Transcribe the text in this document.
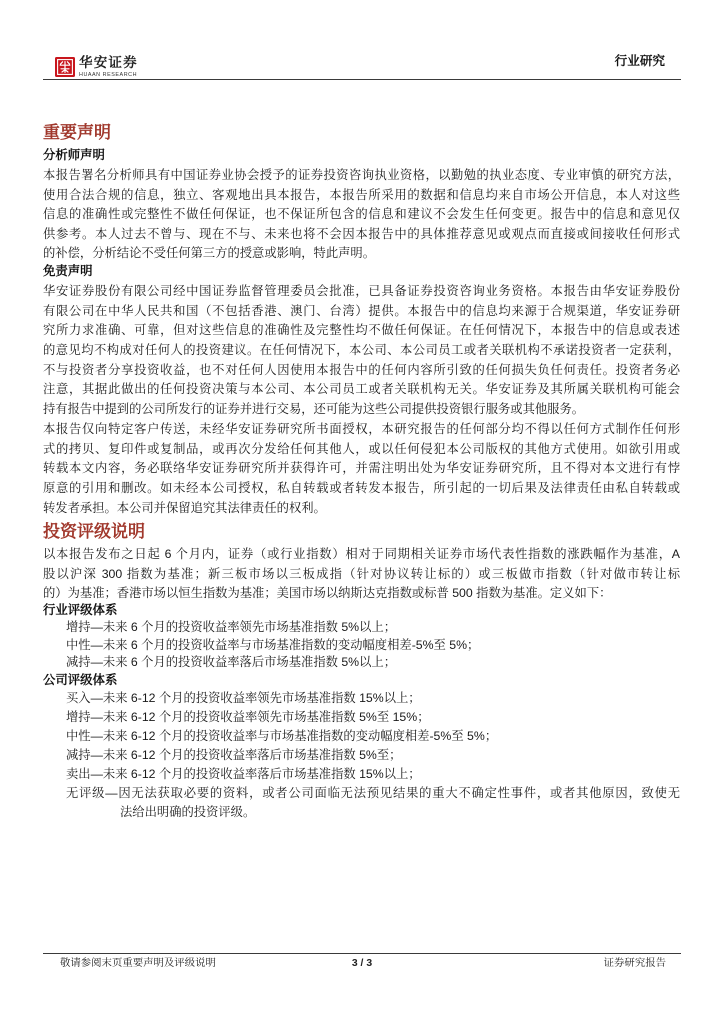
华安证券
HUAAN RESEARCH
行业研究
重要声明
分析师声明
本报告署名分析师具有中国证券业协会授予的证券投资咨询执业资格，以勤勉的执业态度、专业审慎的研究方法，
使用合法合规的信息，独立、客观地出具本报告，本报告所采用的数据和信息均来自市场公开信息，本人对这些
信息的准确性或完整性不做任何保证，也不保证所包含的信息和建议不会发生任何变更。报告中的信息和意见仅
供参考。本人过去不曾与、现在不与、未来也将不会因本报告中的具体推荐意见或观点而直接或间接收任何形式
的补偿，分析结论不受任何第三方的授意或影响，特此声明。
免责声明
华安证券股份有限公司经中国证券监督管理委员会批准，已具备证券投资咨询业务资格。本报告由华安证券股份
有限公司在中华人民共和国（不包括香港、澳门、台湾）提供。本报告中的信息均来源于合规渠道，华安证券研
究所力求准确、可靠，但对这些信息的准确性及完整性均不做任何保证。在任何情况下，本报告中的信息或表述
的意见均不构成对任何人的投资建议。在任何情况下，本公司、本公司员工或者关联机构不承诺投资者一定获利，
不与投资者分享投资收益，也不对任何人因使用本报告中的任何内容所引致的任何损失负任何责任。投资者务必
注意，其据此做出的任何投资决策与本公司、本公司员工或者关联机构无关。华安证券及其所属关联机构可能会
持有报告中提到的公司所发行的证券并进行交易，还可能为这些公司提供投资银行服务或其他服务。
本报告仅向特定客户传送，未经华安证券研究所书面授权，本研究报告的任何部分均不得以任何方式制作任何形
式的拷贝、复印件或复制品，或再次分发给任何其他人，或以任何侵犯本公司版权的其他方式使用。如欲引用或
转载本文内容，务必联络华安证券研究所并获得许可，并需注明出处为华安证券研究所，且不得对本文进行有悖
原意的引用和删改。如未经本公司授权，私自转载或者转发本报告，所引起的一切后果及法律责任由私自转载或
转发者承担。本公司并保留追究其法律责任的权利。
投资评级说明
以本报告发布之日起 6 个月内，证券（或行业指数）相对于同期相关证券市场代表性指数的涨跌幅作为基准，A
股以沪深 300 指数为基准；新三板市场以三板成指（针对协议转让标的）或三板做市指数（针对做市转让标
的）为基准；香港市场以恒生指数为基准；美国市场以纳斯达克指数或标普 500 指数为基准。定义如下：
行业评级体系
增持—未来 6 个月的投资收益率领先市场基准指数 5%以上；
中性—未来 6 个月的投资收益率与市场基准指数的变动幅度相差-5%至 5%；
减持—未来 6 个月的投资收益率落后市场基准指数 5%以上；
公司评级体系
买入—未来 6-12 个月的投资收益率领先市场基准指数 15%以上；
增持—未来 6-12 个月的投资收益率领先市场基准指数 5%至 15%；
中性—未来 6-12 个月的投资收益率与市场基准指数的变动幅度相差-5%至 5%；
减持—未来 6-12 个月的投资收益率落后市场基准指数 5%至；
卖出—未来 6-12 个月的投资收益率落后市场基准指数 15%以上；
无评级—因无法获取必要的资料，或者公司面临无法预见结果的重大不确定性事件，或者其他原因，致使无
法给出明确的投资评级。
敬请参阅末页重要声明及评级说明	3 / 3	证券研究报告
